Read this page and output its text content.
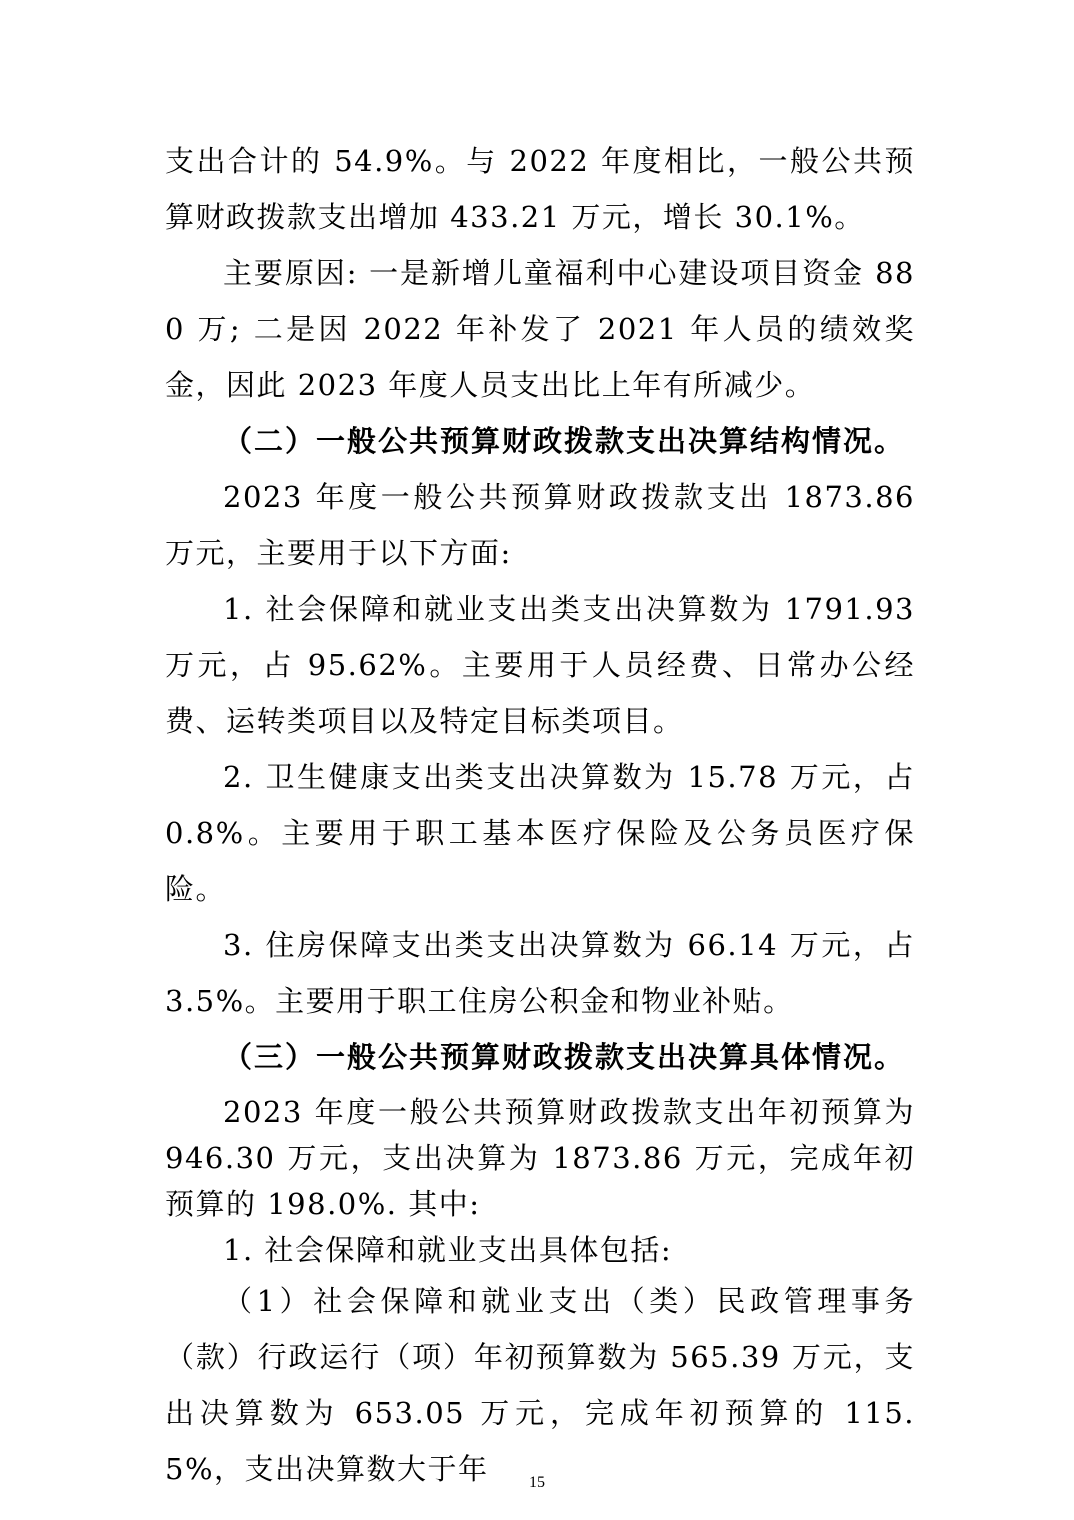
支出合计的 54.9%。与 2022 年度相比，一般公共预算财政拨款支出增加 433.21 万元，增长 30.1%。

主要原因: 一是新增儿童福利中心建设项目资金 880 万; 二是因 2022 年补发了 2021 年人员的绩效奖金，因此 2023 年度人员支出比上年有所减少。

（二）一般公共预算财政拨款支出决算结构情况。

2023 年度一般公共预算财政拨款支出 1873.86 万元，主要用于以下方面:

1. 社会保障和就业支出类支出决算数为 1791.93 万元，占 95.62%。主要用于人员经费、日常办公经费、运转类项目以及特定目标类项目。

2. 卫生健康支出类支出决算数为 15.78 万元，占 0.8%。主要用于职工基本医疗保险及公务员医疗保险。

3. 住房保障支出类支出决算数为 66.14 万元，占 3.5%。主要用于职工住房公积金和物业补贴。

（三）一般公共预算财政拨款支出决算具体情况。

2023 年度一般公共预算财政拨款支出年初预算为 946.30 万元，支出决算为 1873.86 万元，完成年初预算的 198.0%. 其中:

1. 社会保障和就业支出具体包括:

（1）社会保障和就业支出（类）民政管理事务（款）行政运行（项）年初预算数为 565.39 万元，支出决算数为 653.05 万元，完成年初预算的 115.5%，支出决算数大于年	15
